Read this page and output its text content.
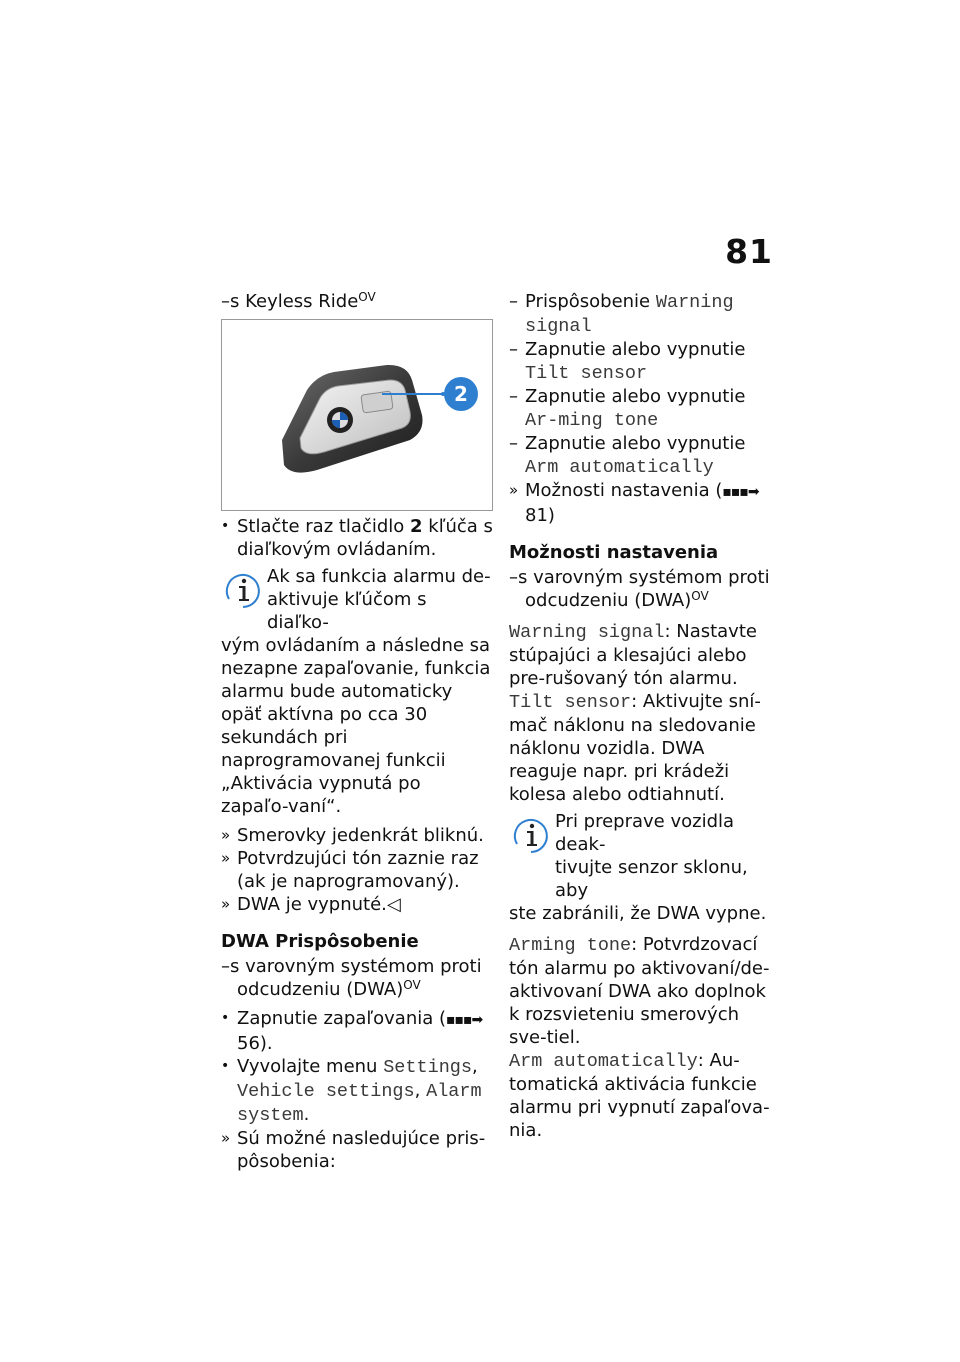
81

–s Keyless Ride$^{OV}$

2

• Stlačte raz tlačidlo 2 kľúča s diaľkovým ovládaním.

Ak sa funkcia alarmu de-
aktivuje kľúčom s diaľko-

vým ovládaním a následne sa nezapne zapaľovanie, funkcia alarmu bude automaticky opäť aktívna po cca 30 sekundách pri naprogramovanej funkcii „Aktivácia vypnutá po zapaľo-vaní“.

» Smerovky jedenkrát bliknú.

» Potvrdzujúci tón zaznie raz (ak je naprogramovaný).

» DWA je vypnuté.◁

DWA Prispôsobenie

–s varovným systémom proti odcudzeniu (DWA)$^{OV}$

• Zapnutie zapaľovania (▪▪▪➡ 56).

• Vyvolajte menu Settings, Vehicle settings, Alarm system.

» Sú možné nasledujúce pris-pôsobenia:

– Prispôsobenie Warning signal

– Zapnutie alebo vypnutie Tilt sensor

– Zapnutie alebo vypnutie Ar-ming tone

– Zapnutie alebo vypnutie Arm automatically

» Možnosti nastavenia (▪▪▪➡ 81)

Možnosti nastavenia

–s varovným systémom proti odcudzeniu (DWA)$^{OV}$

Warning signal: Nastavte stúpajúci a klesajúci alebo pre-rušovaný tón alarmu.

Tilt sensor: Aktivujte sní-mač náklonu na sledovanie náklonu vozidla. DWA reaguje napr. pri krádeži kolesa alebo odtiahnutí.

Pri preprave vozidla deak-
tivujte senzor sklonu, aby

ste zabránili, že DWA vypne.

Arming tone: Potvrdzovací tón alarmu po aktivovaní/de-aktivovaní DWA ako doplnok k rozsvieteniu smerových sve-tiel.

Arm automatically: Au-tomatická aktivácia funkcie alarmu pri vypnutí zapaľova-nia.
